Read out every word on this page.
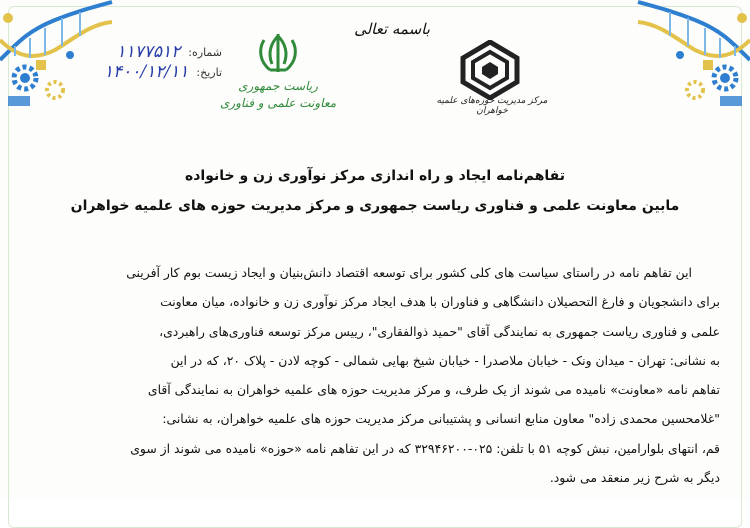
شماره:
۱۱۷۷۵۱۲
تاریخ:
۱۴۰۰/۱۲/۱۱
ریاست جمهوری
معاونت علمی و فناوری
باسمه تعالی
مرکز مدیریت حوزه‌های علمیه خواهران
تفاهم‌نامه ایجاد و راه اندازی مرکز نوآوری زن و خانواده
مابین معاونت علمی و فناوری ریاست جمهوری و مرکز مدیریت حوزه های علمیه خواهران

این تفاهم نامه در راستای سیاست های کلی کشور برای توسعه اقتصاد دانش‌بنیان و ایجاد زیست بوم کار آفرینی

برای دانشجویان و فارغ التحصیلان دانشگاهی و فناوران با هدف ایجاد مرکز نوآوری زن و خانواده، میان معاونت

علمی و فناوری ریاست جمهوری به نمایندگی آقای "حمید ذوالفقاری"، رییس مرکز توسعه فناوری‌های راهبردی،

به نشانی: تهران - میدان ونک - خیابان ملاصدرا - خیابان شیخ بهایی شمالی - کوچه لادن - پلاک ۲۰، که در این

تفاهم نامه «معاونت» نامیده می شوند از یک طرف، و مرکز مدیریت حوزه های علمیه خواهران به نمایندگی آقای

"غلامحسین محمدی زاده" معاون منابع انسانی و پشتیبانی مرکز مدیریت حوزه های علمیه خواهران، به نشانی:

قم، انتهای بلوارامین، نبش کوچه ۵۱ با تلفن: ۰۲۵-۳۲۹۴۶۲۰۰ که در این تفاهم نامه «حوزه» نامیده می شوند از سوی

دیگر به شرح زیر منعقد می شود.
